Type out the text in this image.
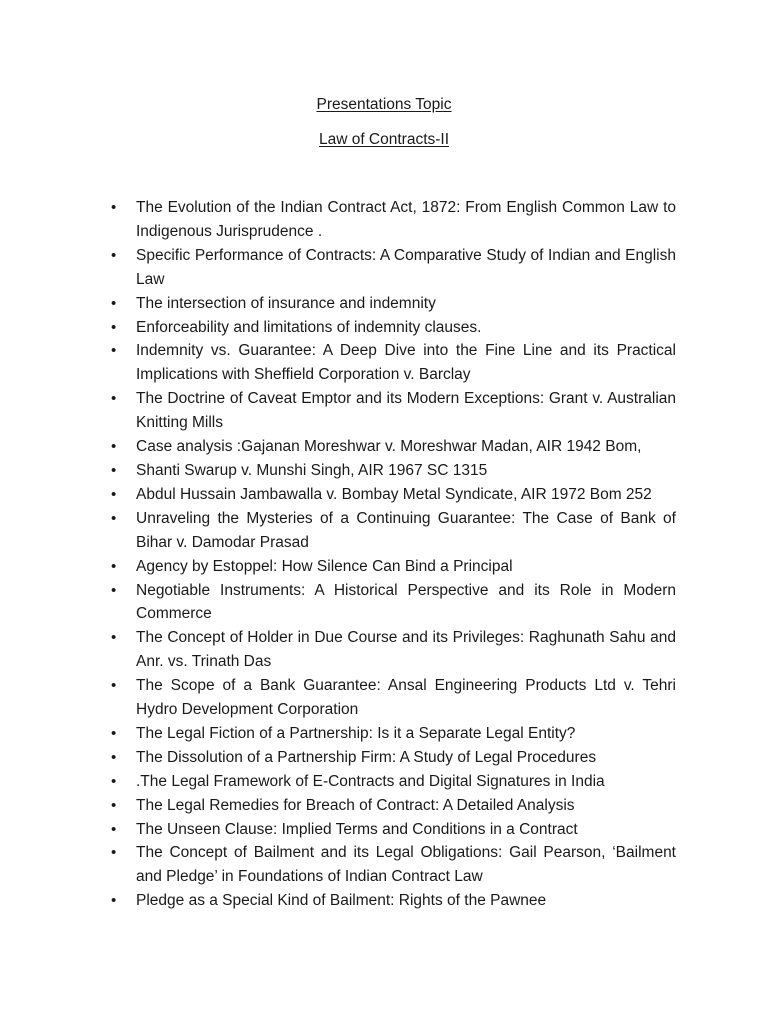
Presentations Topic
Law of Contracts-II
• The Evolution of the Indian Contract Act, 1872: From English Common Law to Indigenous Jurisprudence .
• Specific Performance of Contracts: A Comparative Study of Indian and English Law
• The intersection of insurance and indemnity
• Enforceability and limitations of indemnity clauses.
• Indemnity vs. Guarantee: A Deep Dive into the Fine Line and its Practical Implications with Sheffield Corporation v. Barclay
• The Doctrine of Caveat Emptor and its Modern Exceptions: Grant v. Australian Knitting Mills
• Case analysis :Gajanan Moreshwar v. Moreshwar Madan, AIR 1942 Bom,
• Shanti Swarup v. Munshi Singh, AIR 1967 SC 1315
• Abdul Hussain Jambawalla v. Bombay Metal Syndicate, AIR 1972 Bom 252
• Unraveling the Mysteries of a Continuing Guarantee: The Case of Bank of Bihar v. Damodar Prasad
• Agency by Estoppel: How Silence Can Bind a Principal
• Negotiable Instruments: A Historical Perspective and its Role in Modern Commerce
• The Concept of Holder in Due Course and its Privileges: Raghunath Sahu and Anr. vs. Trinath Das
• The Scope of a Bank Guarantee: Ansal Engineering Products Ltd v. Tehri Hydro Development Corporation
• The Legal Fiction of a Partnership: Is it a Separate Legal Entity?
• The Dissolution of a Partnership Firm: A Study of Legal Procedures
• .The Legal Framework of E-Contracts and Digital Signatures in India
• The Legal Remedies for Breach of Contract: A Detailed Analysis
• The Unseen Clause: Implied Terms and Conditions in a Contract
• The Concept of Bailment and its Legal Obligations: Gail Pearson, ‘Bailment and Pledge’ in Foundations of Indian Contract Law
• Pledge as a Special Kind of Bailment: Rights of the Pawnee
